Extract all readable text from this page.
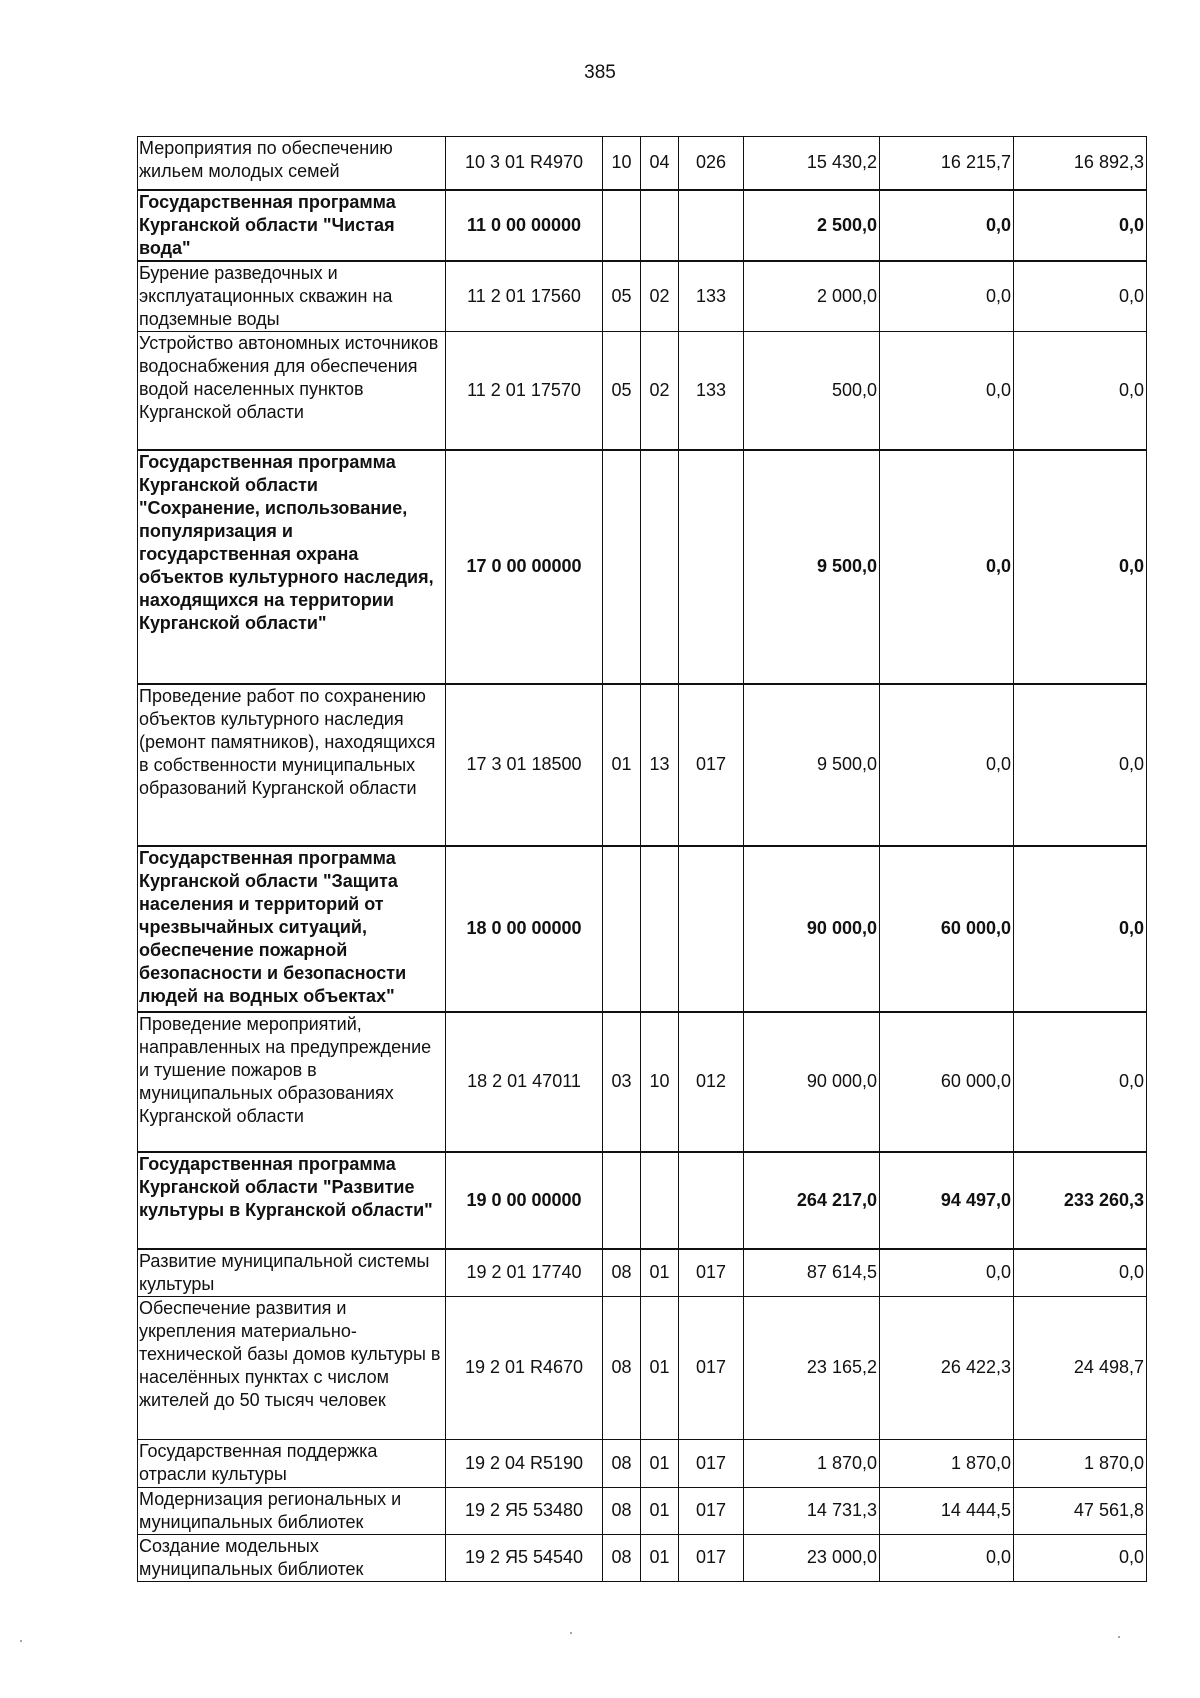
385
Мероприятия по обеспечению жильем молодых семей	10 3 01 R4970	10	04	026	15 430,2	16 215,7	16 892,3
Государственная программа Курганской области "Чистая вода"	11 0 00 00000				2 500,0	0,0	0,0
Бурение разведочных и эксплуатационных скважин на подземные воды	11 2 01 17560	05	02	133	2 000,0	0,0	0,0
Устройство автономных источников водоснабжения для обеспечения водой населенных пунктов Курганской области	11 2 01 17570	05	02	133	500,0	0,0	0,0
Государственная программа Курганской области "Сохранение, использование, популяризация и государственная охрана объектов культурного наследия, находящихся на территории Курганской области"	17 0 00 00000				9 500,0	0,0	0,0
Проведение работ по сохранению объектов культурного наследия (ремонт памятников), находящихся в собственности муниципальных образований Курганской области	17 3 01 18500	01	13	017	9 500,0	0,0	0,0
Государственная программа Курганской области "Защита населения и территорий от чрезвычайных ситуаций, обеспечение пожарной безопасности и безопасности людей на водных объектах"	18 0 00 00000				90 000,0	60 000,0	0,0
Проведение мероприятий, направленных на предупреждение и тушение пожаров в муниципальных образованиях Курганской области	18 2 01 47011	03	10	012	90 000,0	60 000,0	0,0
Государственная программа Курганской области "Развитие культуры в Курганской области"	19 0 00 00000				264 217,0	94 497,0	233 260,3
Развитие муниципальной системы культуры	19 2 01 17740	08	01	017	87 614,5	0,0	0,0
Обеспечение развития и укрепления материально-технической базы домов культуры в населённых пунктах с числом жителей до 50 тысяч человек	19 2 01 R4670	08	01	017	23 165,2	26 422,3	24 498,7
Государственная поддержка отрасли культуры	19 2 04 R5190	08	01	017	1 870,0	1 870,0	1 870,0
Модернизация региональных и муниципальных библиотек	19 2 Я5 53480	08	01	017	14 731,3	14 444,5	47 561,8
Создание модельных муниципальных библиотек	19 2 Я5 54540	08	01	017	23 000,0	0,0	0,0
